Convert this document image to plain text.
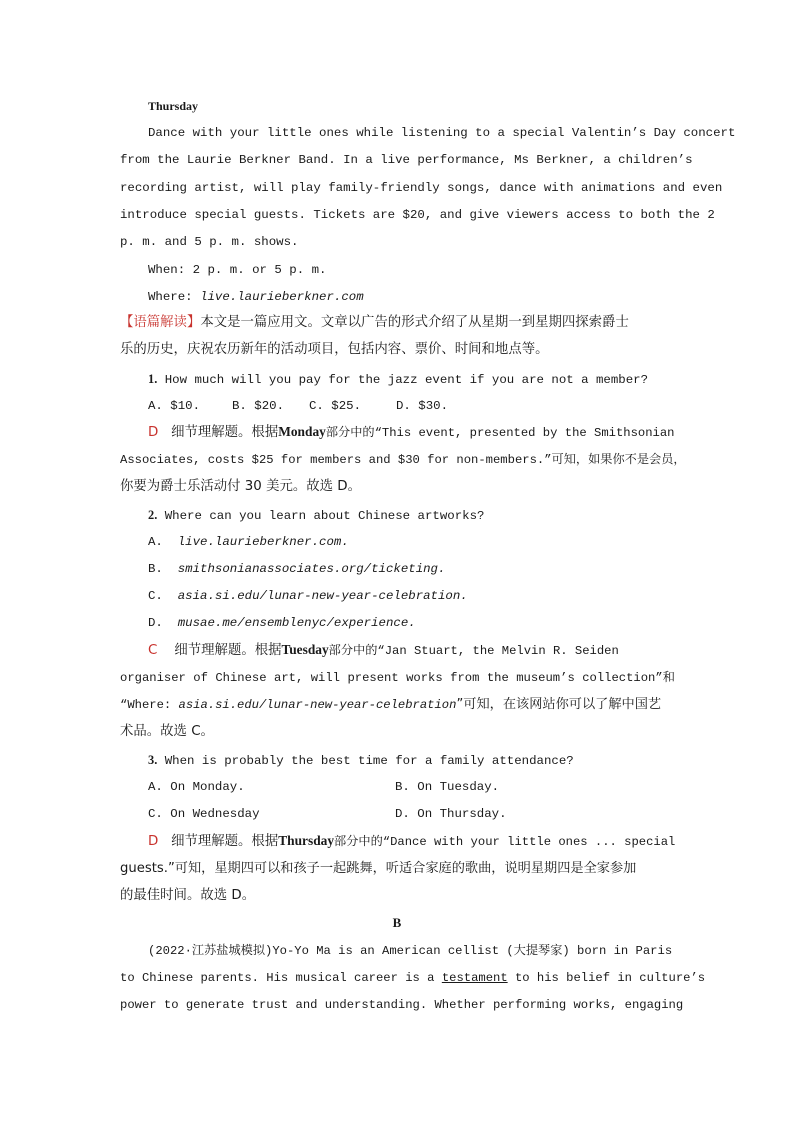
Thursday
Dance with your little ones while listening to a special Valentin’s Day concert
from the Laurie Berkner Band. In a live performance, Ms Berkner, a children’s
recording artist, will play family-friendly songs, dance with animations and even
introduce special guests. Tickets are $20, and give viewers access to both the 2
p. m. and 5 p. m. shows.
When: 2 p. m. or 5 p. m.
Where: live.laurieberkner.com
【语篇解读】本文是一篇应用文。文章以广告的形式介绍了从星期一到星期四探索爵士
乐的历史，庆祝农历新年的活动项目，包括内容、票价、时间和地点等。
1. How much will you pay for the jazz event if you are not a member?
A. $10.	B. $20. C. $25.	D. $30.
D 细节理解题。根据Monday部分中的“This event, presented by the Smithsonian
Associates, costs $25 for members and $30 for non-members.”可知，如果你不是会员，
你要为爵士乐活动付 30 美元。故选 D。
2. Where can you learn about Chinese artworks?
A. live.laurieberkner.com.
B. smithsonianassociates.org/ticketing.
C. asia.si.edu/lunar-new-year-celebration.
D. musae.me/ensemblenyc/experience.
C 细节理解题。根据Tuesday部分中的“Jan Stuart, the Melvin R. Seiden
organiser of Chinese art, will present works from the museum’s collection”和
“Where: asia.si.edu/lunar-new-year-celebration”可知，在该网站你可以了解中国艺
术品。故选 C。
3. When is probably the best time for a family attendance?
A. On Monday.	B. On Tuesday.
C. On Wednesday	D. On Thursday.
D 细节理解题。根据Thursday部分中的“Dance with your little ones ... special
guests.”可知，星期四可以和孩子一起跳舞，听适合家庭的歌曲，说明星期四是全家参加
的最佳时间。故选 D。
B
(2022·江苏盐城模拟)Yo-Yo Ma is an American cellist (大提琴家) born in Paris
to Chinese parents. His musical career is a testament to his belief in culture’s
power to generate trust and understanding. Whether performing works, engaging
